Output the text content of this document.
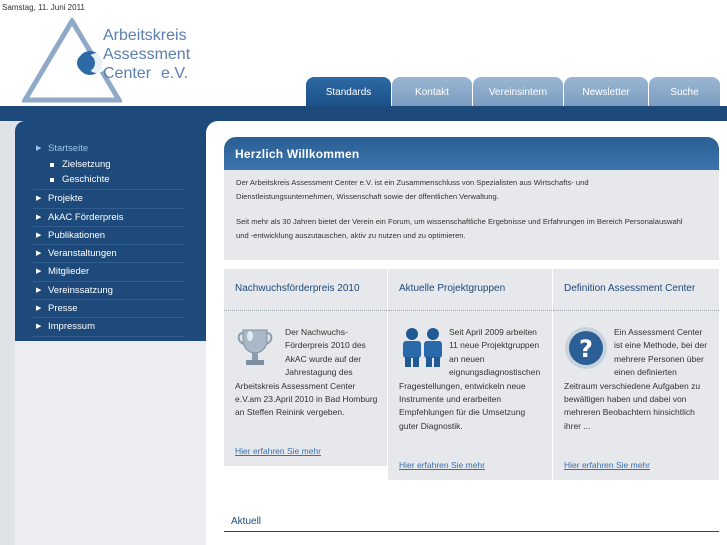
Samstag, 11. Juni 2011
Arbeitskreis
Assessment
Center e.V.
Standards	Kontakt	Vereinsintern	Newsletter	Suche
▶ Startseite
Zielsetzung
Geschichte
▶ Projekte
▶ AkAC Förderpreis
▶ Publikationen
▶ Veranstaltungen
▶ Mitglieder
▶ Vereinssatzung
▶ Presse
▶ Impressum
Herzlich Willkommen
Der Arbeitskreis Assessment Center e.V. ist ein Zusammenschluss von Spezialisten aus Wirtschafts- und
Dienstleistungsunternehmen, Wissenschaft sowie der öffentlichen Verwaltung.
Seit mehr als 30 Jahren bietet der Verein ein Forum, um wissenschaftliche Ergebnisse und Erfahrungen im Bereich Personalauswahl
und -entwicklung auszutauschen, aktiv zu nutzen und zu optimieren.
Nachwuchsförderpreis 2010
Der Nachwuchs-Förderpreis 2010 des AkAC wurde auf der Jahrestagung des Arbeitskreis Assessment Center e.V.am 23.April 2010 in Bad Homburg an Steffen Reinink vergeben.
Hier erfahren Sie mehr
Aktuelle Projektgruppen
Seit April 2009 arbeiten 11 neue Projektgruppen an neuen eignungsdiagnostischen Fragestellungen, entwickeln neue Instrumente und erarbeiten Empfehlungen für die Umsetzung guter Diagnostik.
Hier erfahren Sie mehr
Definition Assessment Center
?
Ein Assessment Center ist eine Methode, bei der mehrere Personen über einen definierten Zeitraum verschiedene Aufgaben zu bewältigen haben und dabei von mehreren Beobachtern hinsichtlich ihrer ...
Hier erfahren Sie mehr
Aktuell
